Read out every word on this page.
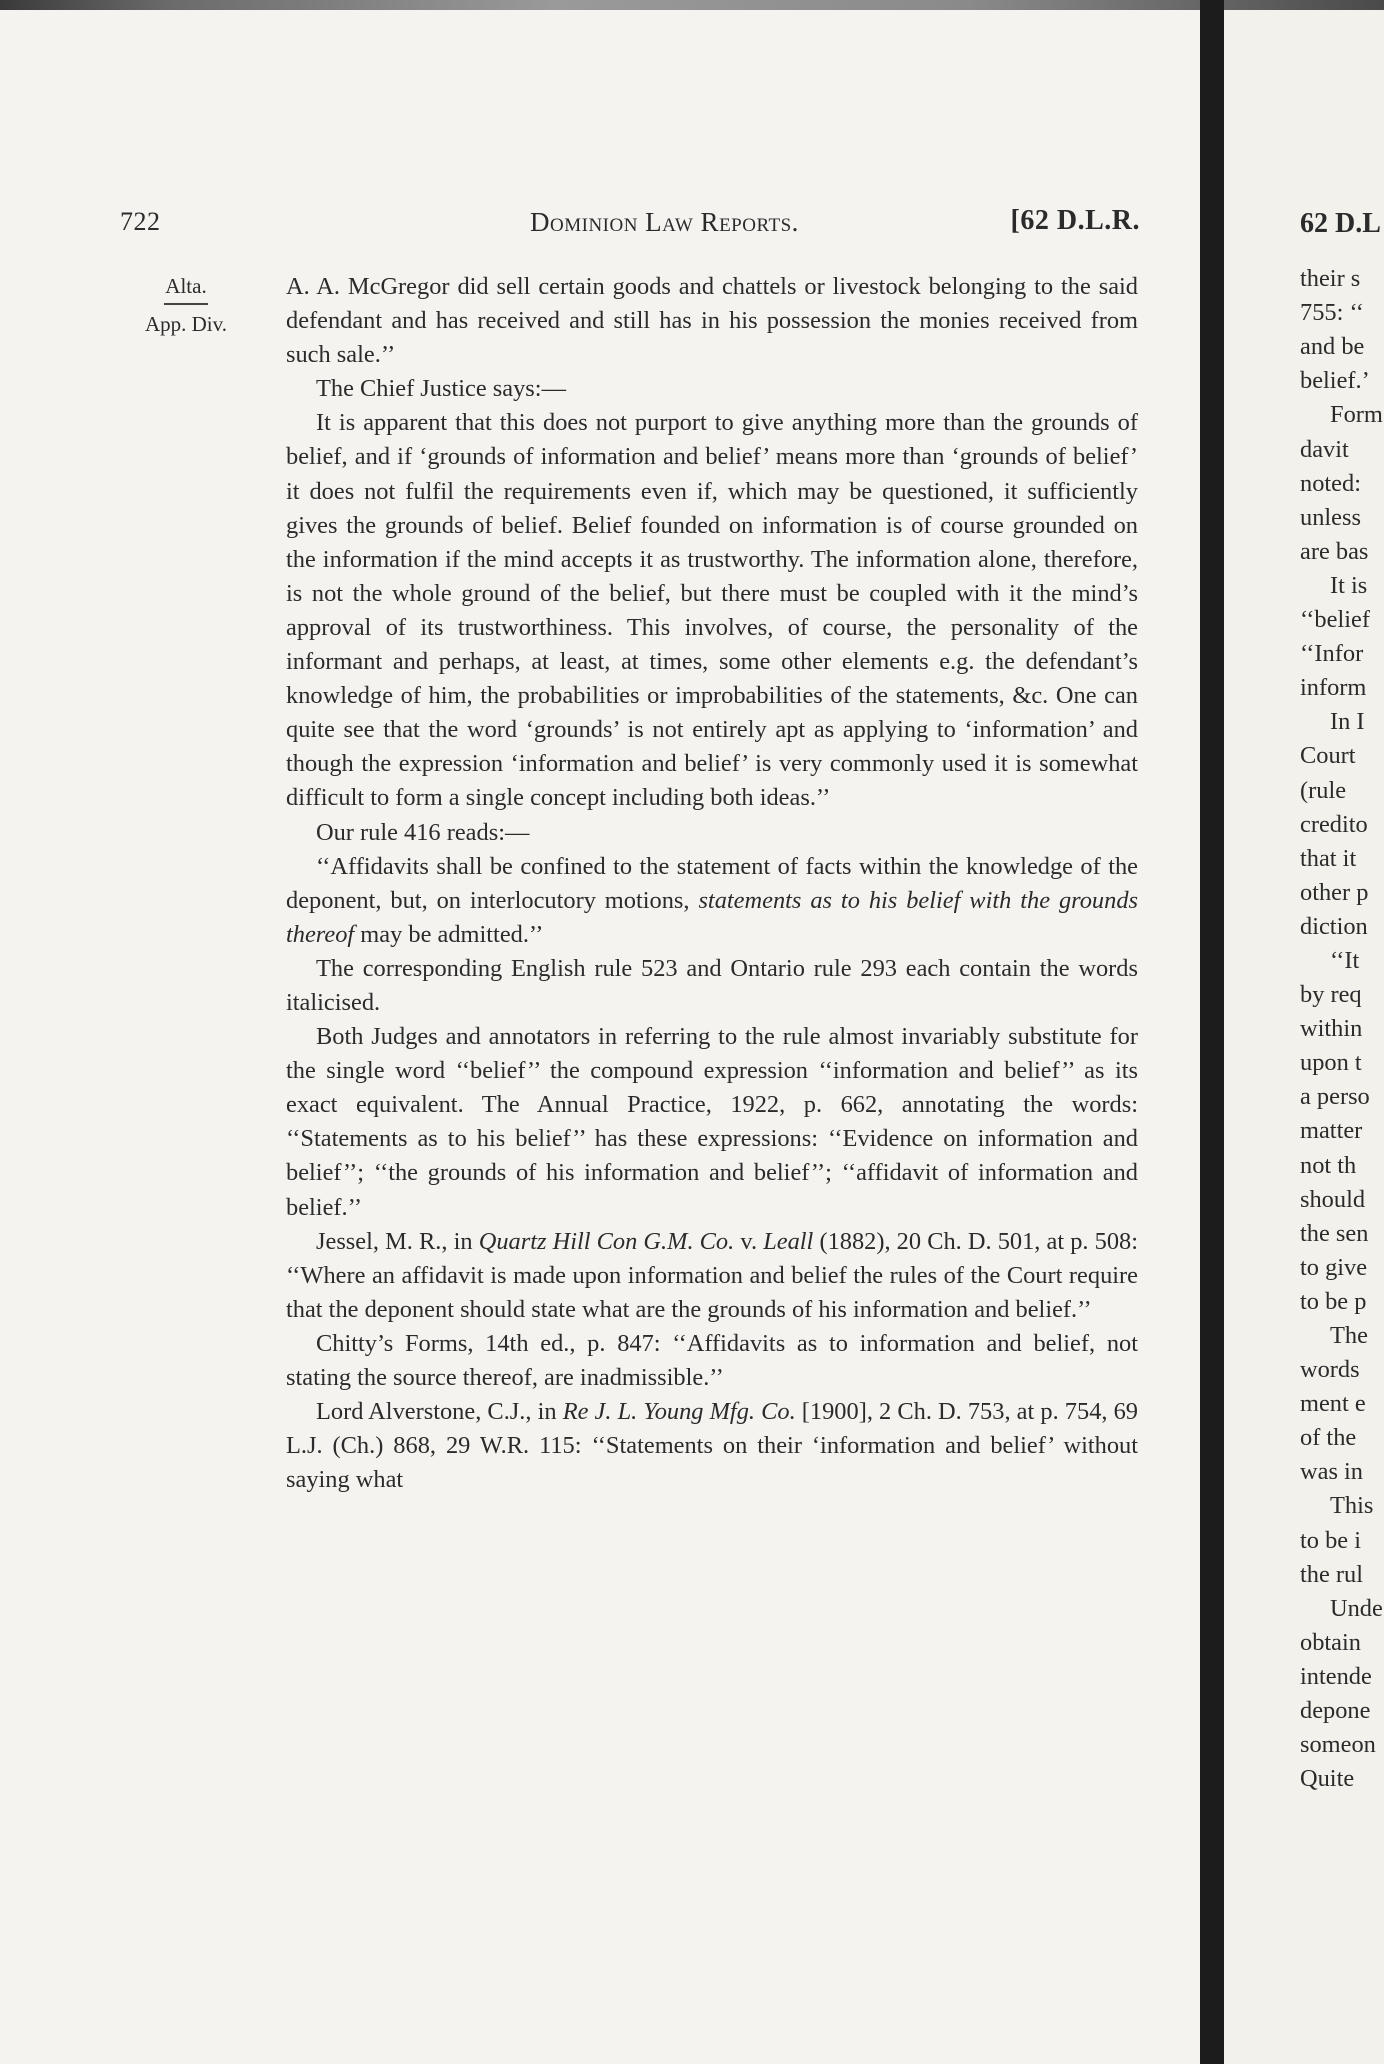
722	Dominion Law Reports.	[62 D.L.R.
Alta.
App. Div.

A. A. McGregor did sell certain goods and chattels or livestock belonging to the said defendant and has received and still has in his possession the monies received from such sale.’’

The Chief Justice says:—

It is apparent that this does not purport to give anything more than the grounds of belief, and if ‘grounds of information and belief’ means more than ‘grounds of belief’ it does not fulfil the requirements even if, which may be questioned, it sufficiently gives the grounds of belief. Belief founded on information is of course grounded on the information if the mind accepts it as trustworthy. The information alone, therefore, is not the whole ground of the belief, but there must be coupled with it the mind’s approval of its trustworthiness. This involves, of course, the personality of the informant and perhaps, at least, at times, some other elements e.g. the defendant’s knowledge of him, the probabilities or improbabilities of the statements, &c. One can quite see that the word ‘grounds’ is not entirely apt as applying to ‘information’ and though the expression ‘information and belief’ is very commonly used it is somewhat difficult to form a single concept including both ideas.’’

Our rule 416 reads:—

‘‘Affidavits shall be confined to the statement of facts within the knowledge of the deponent, but, on interlocutory motions, statements as to his belief with the grounds thereof may be admitted.’’

The corresponding English rule 523 and Ontario rule 293 each contain the words italicised.

Both Judges and annotators in referring to the rule almost invariably substitute for the single word ‘‘belief’’ the compound expression ‘‘information and belief’’ as its exact equivalent. The Annual Practice, 1922, p. 662, annotating the words: ‘‘Statements as to his belief’’ has these expressions: ‘‘Evidence on information and belief’’; ‘‘the grounds of his information and belief’’; ‘‘affidavit of information and belief.’’

Jessel, M. R., in Quartz Hill Con G.M. Co. v. Leall (1882), 20 Ch. D. 501, at p. 508: ‘‘Where an affidavit is made upon information and belief the rules of the Court require that the deponent should state what are the grounds of his information and belief.’’

Chitty’s Forms, 14th ed., p. 847: ‘‘Affidavits as to information and belief, not stating the source thereof, are inadmissible.’’

Lord Alverstone, C.J., in Re J. L. Young Mfg. Co. [1900], 2 Ch. D. 753, at p. 754, 69 L.J. (Ch.) 868, 29 W.R. 115: ‘‘Statements on their ‘information and belief’ without saying what

62 D.L
their s
755: ‘‘
and be
belief.’
Form
davit
noted:
unless
are bas
It is
‘‘belief
‘‘Infor
inform
In I
Court
(rule
credito
that it
other p
diction
‘‘It
by req
within
upon t
a perso
matter
not th
should
the sen
to give
to be p
The
words
ment e
of the
was in
This
to be i
the rul
Unde
obtain
intende
depone
someon
Quite
